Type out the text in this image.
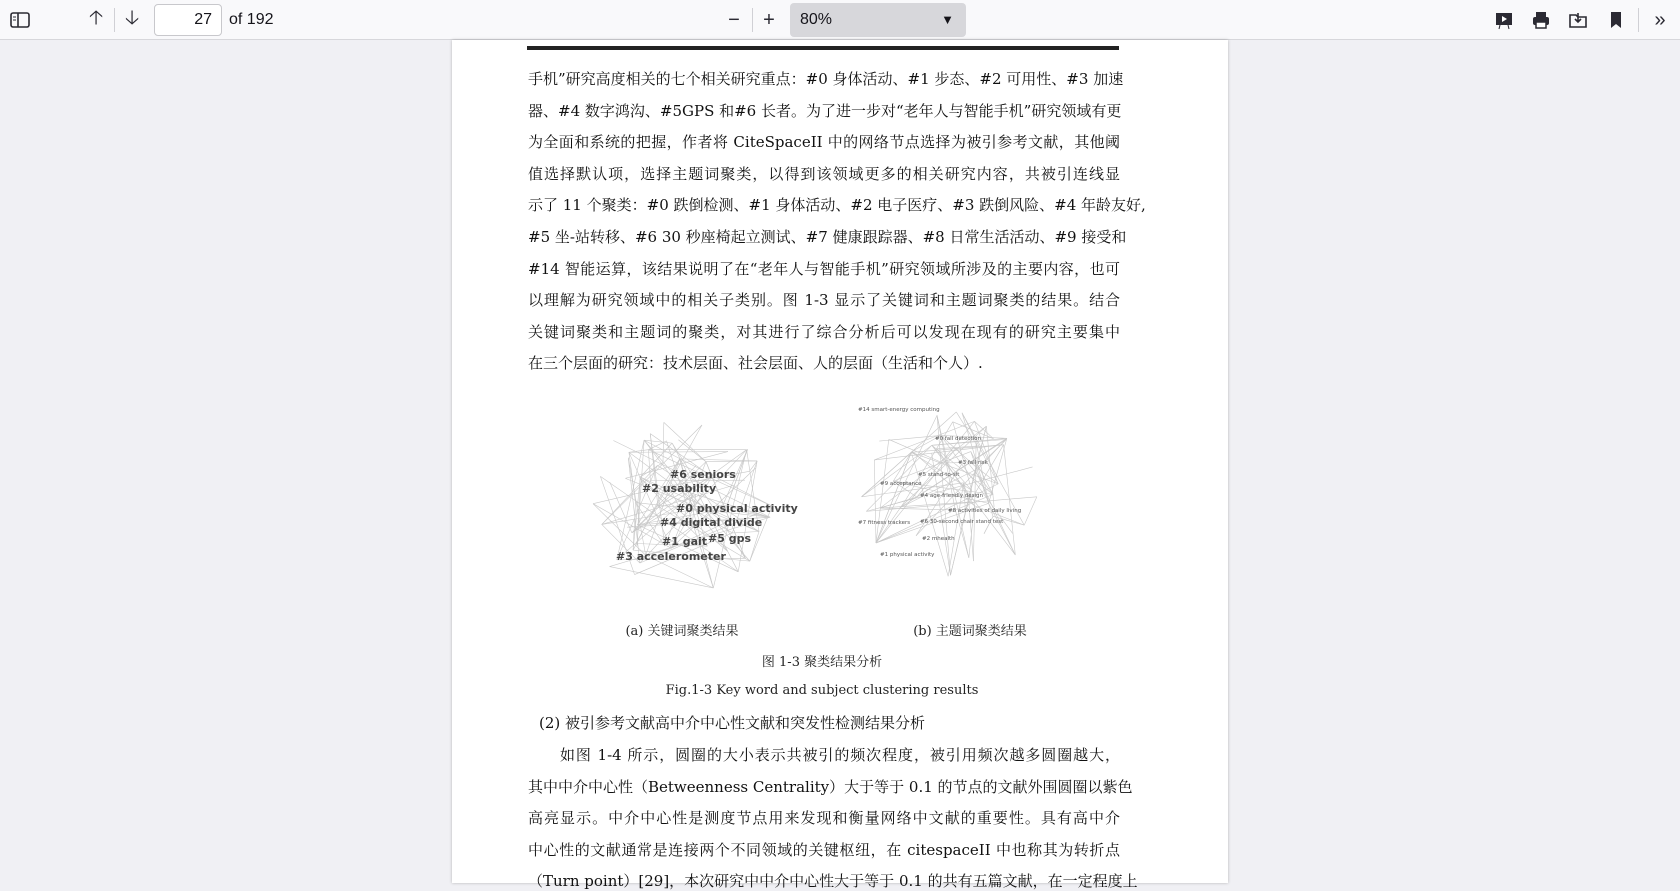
🡡 🡣	27	of 192	− +	80%	▼	»
手机”研究高度相关的七个相关研究重点：#0 身体活动、#1 步态、#2 可用性、#3 加速
器、#4 数字鸿沟、#5GPS 和#6 长者。为了进一步对“老年人与智能手机”研究领域有更
为全面和系统的把握，作者将 CiteSpaceII 中的网络节点选择为被引参考文献，其他阈
值选择默认项，选择主题词聚类，以得到该领域更多的相关研究内容，共被引连线显
示了 11 个聚类：#0 跌倒检测、#1 身体活动、#2 电子医疗、#3 跌倒风险、#4 年龄友好,
#5 坐-站转移、#6 30 秒座椅起立测试、#7 健康跟踪器、#8 日常生活活动、#9 接受和
#14 智能运算，该结果说明了在“老年人与智能手机”研究领域所涉及的主要内容，也可
以理解为研究领域中的相关子类别。图 1-3 显示了关键词和主题词聚类的结果。结合
关键词聚类和主题词的聚类，对其进行了综合分析后可以发现在现有的研究主要集中
在三个层面的研究：技术层面、社会层面、人的层面（生活和个人）.
#6 seniors
#2 usability
#0 physical activity
#4 digital divide
#1 gait #5 gps
#3 accelerometer
#14 smart-energy computing
#0 fall detection
#3 fall risk
#5 stand-to-sit
#9 acceptance
#4 age-friendly design
#8 activities of daily living
#7 fitness trackers #6 30-second chair stand test
#2 mhealth
#1 physical activity
(a) 关键词聚类结果	(b) 主题词聚类结果
图 1-3 聚类结果分析
Fig.1-3 Key word and subject clustering results
(2) 被引参考文献高中介中心性文献和突发性检测结果分析
如图 1-4 所示，圆圈的大小表示共被引的频次程度，被引用频次越多圆圈越大，
其中中介中心性（Betweenness Centrality）大于等于 0.1 的节点的文献外围圆圈以紫色
高亮显示。中介中心性是测度节点用来发现和衡量网络中文献的重要性。具有高中介
中心性的文献通常是连接两个不同领域的关键枢纽，在 citespaceII 中也称其为转折点
（Turn point）[29]，本次研究中中介中心性大于等于 0.1 的共有五篇文献，在一定程度上
